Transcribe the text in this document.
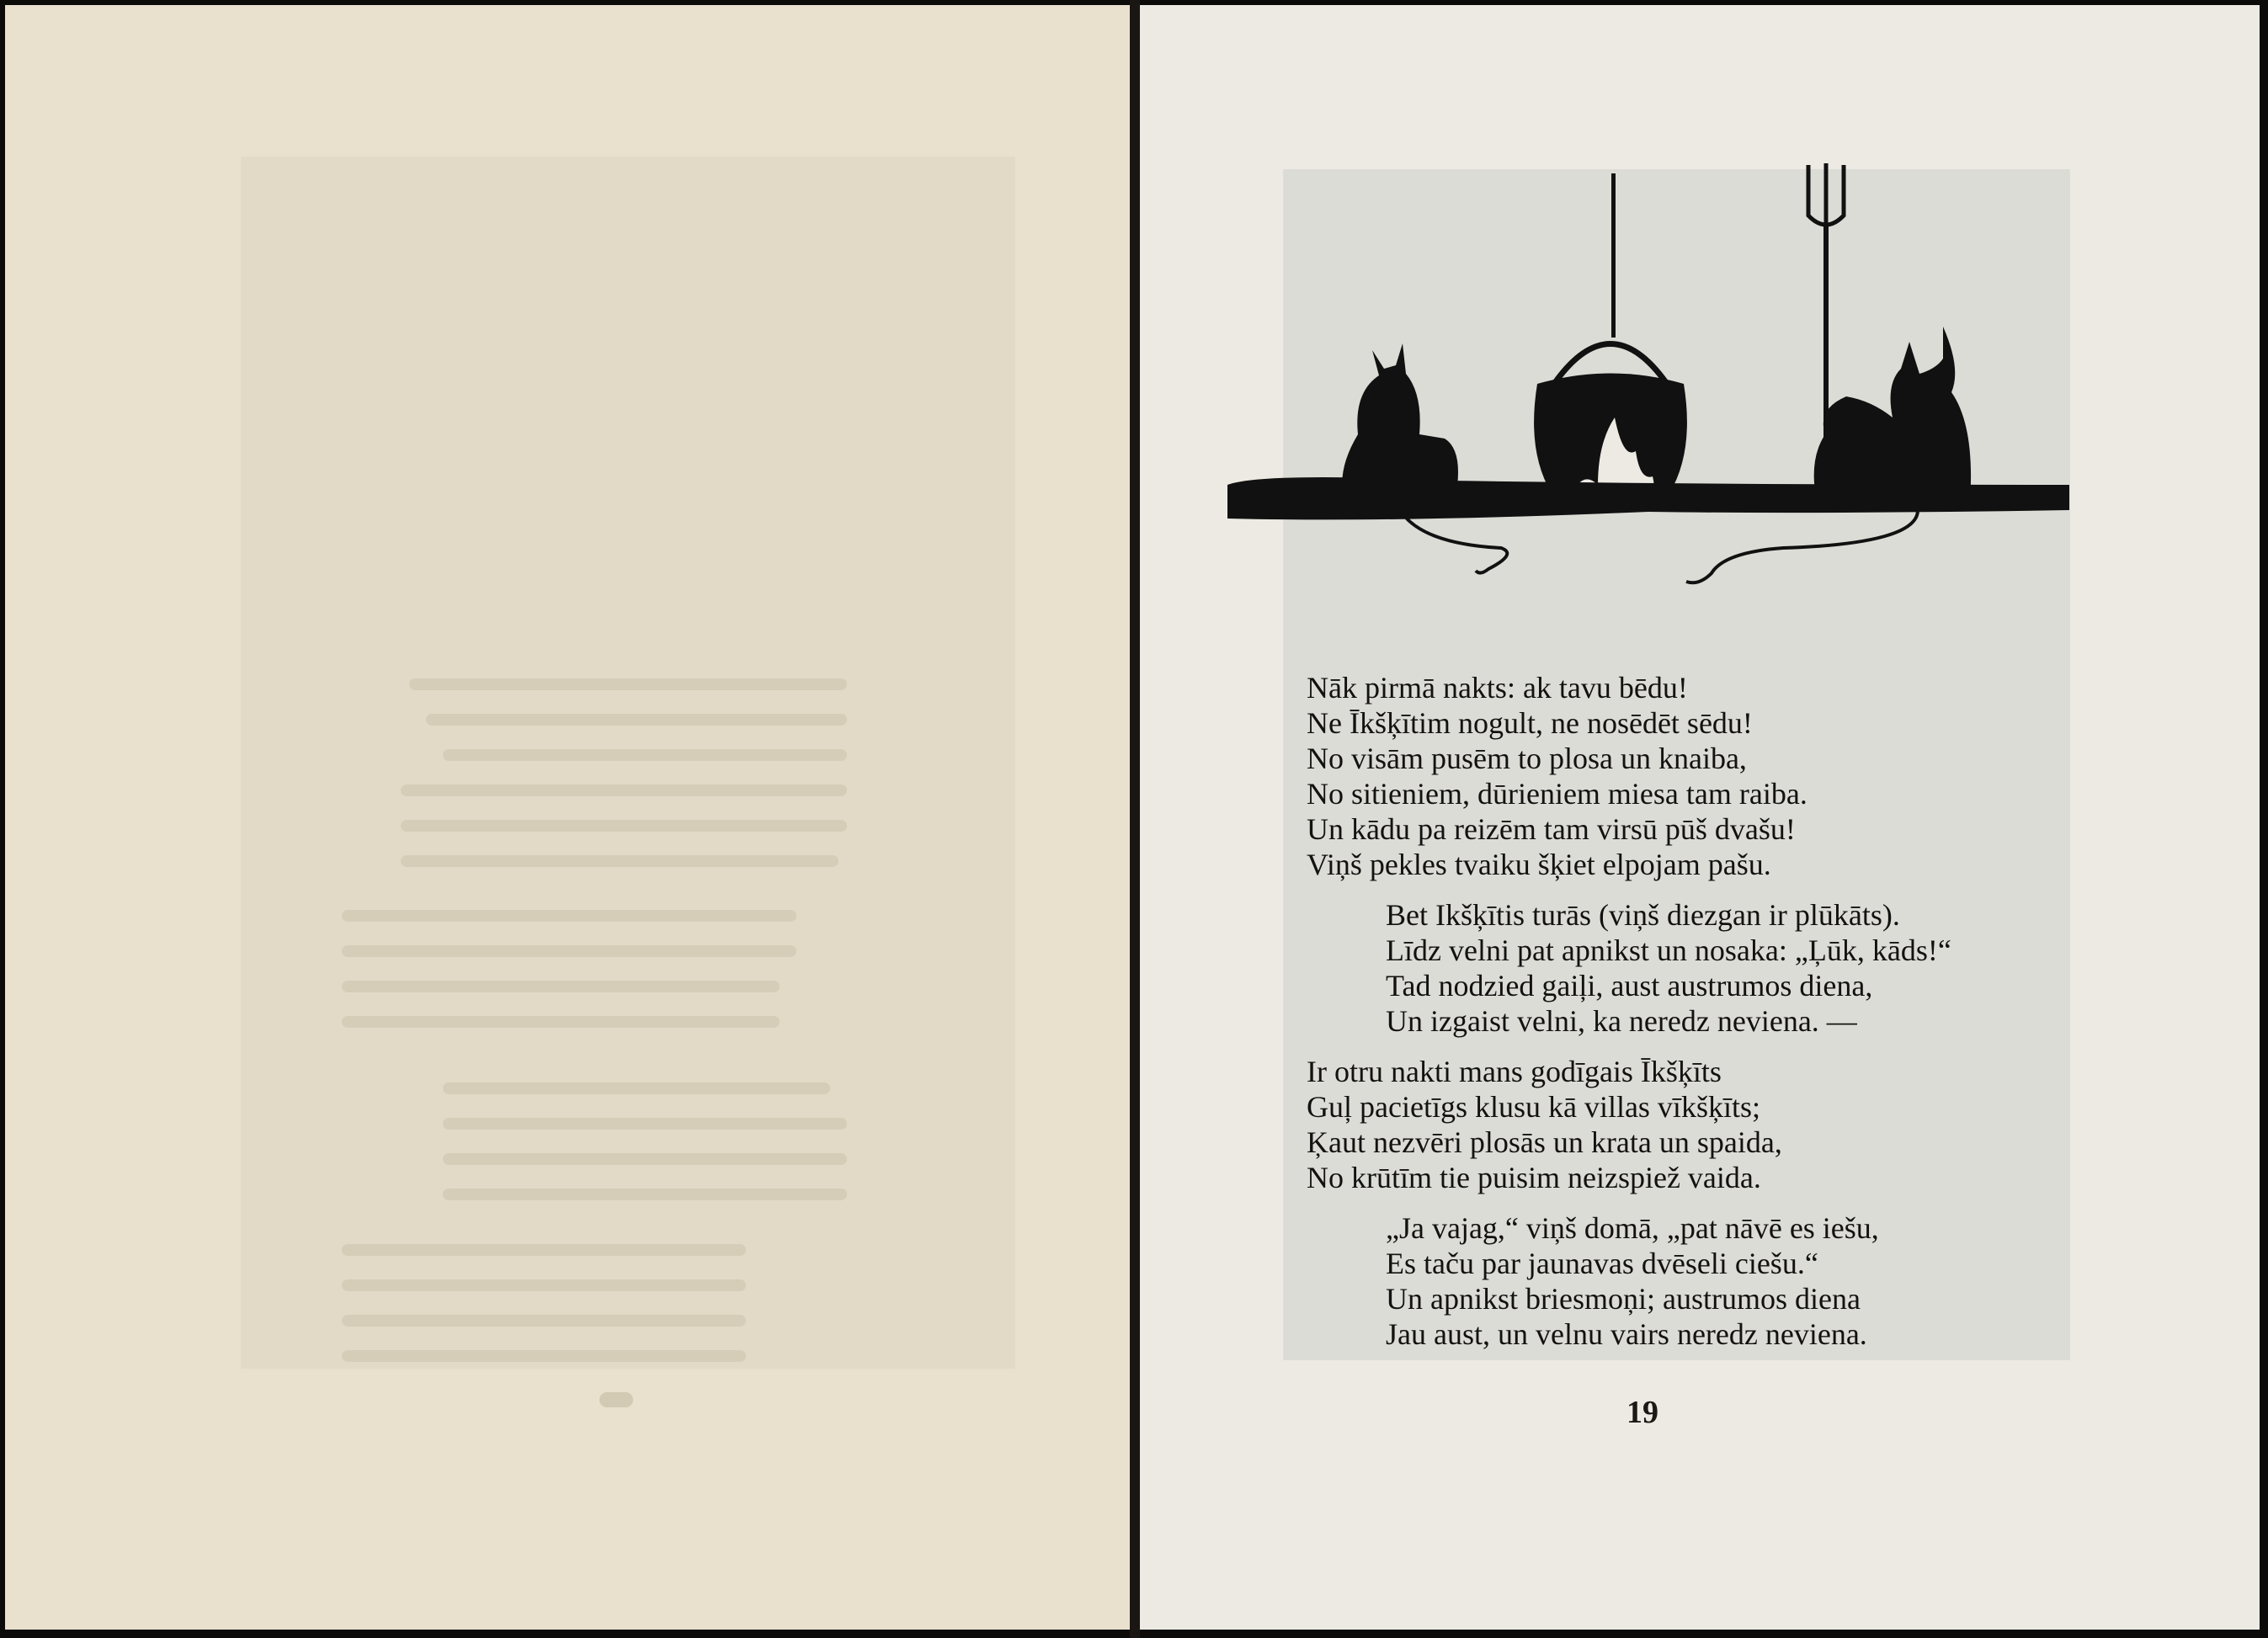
Nāk pirmā nakts: ak tavu bēdu!
Ne Īkšķītim nogult, ne nosēdēt sēdu!
No visām pusēm to plosa un knaiba,
No sitieniem, dūrieniem miesa tam raiba.
Un kādu pa reizēm tam virsū pūš dvašu!
Viņš pekles tvaiku šķiet elpojam pašu.
Bet Ikšķītis turās (viņš diezgan ir plūkāts).
Līdz velni pat apnikst un nosaka: „Ļūk, kāds!“
Tad nodzied gaiļi, aust austrumos diena,
Un izgaist velni, ka neredz neviena. —
Ir otru nakti mans godīgais Īkšķīts
Guļ pacietīgs klusu kā villas vīkšķīts;
Ķaut nezvēri plosās un krata un spaida,
No krūtīm tie puisim neizspiež vaida.
„Ja vajag,“ viņš domā, „pat nāvē es iešu,
Es taču par jaunavas dvēseli ciešu.“
Un apnikst briesmoņi; austrumos diena
Jau aust, un velnu vairs neredz neviena.
19
